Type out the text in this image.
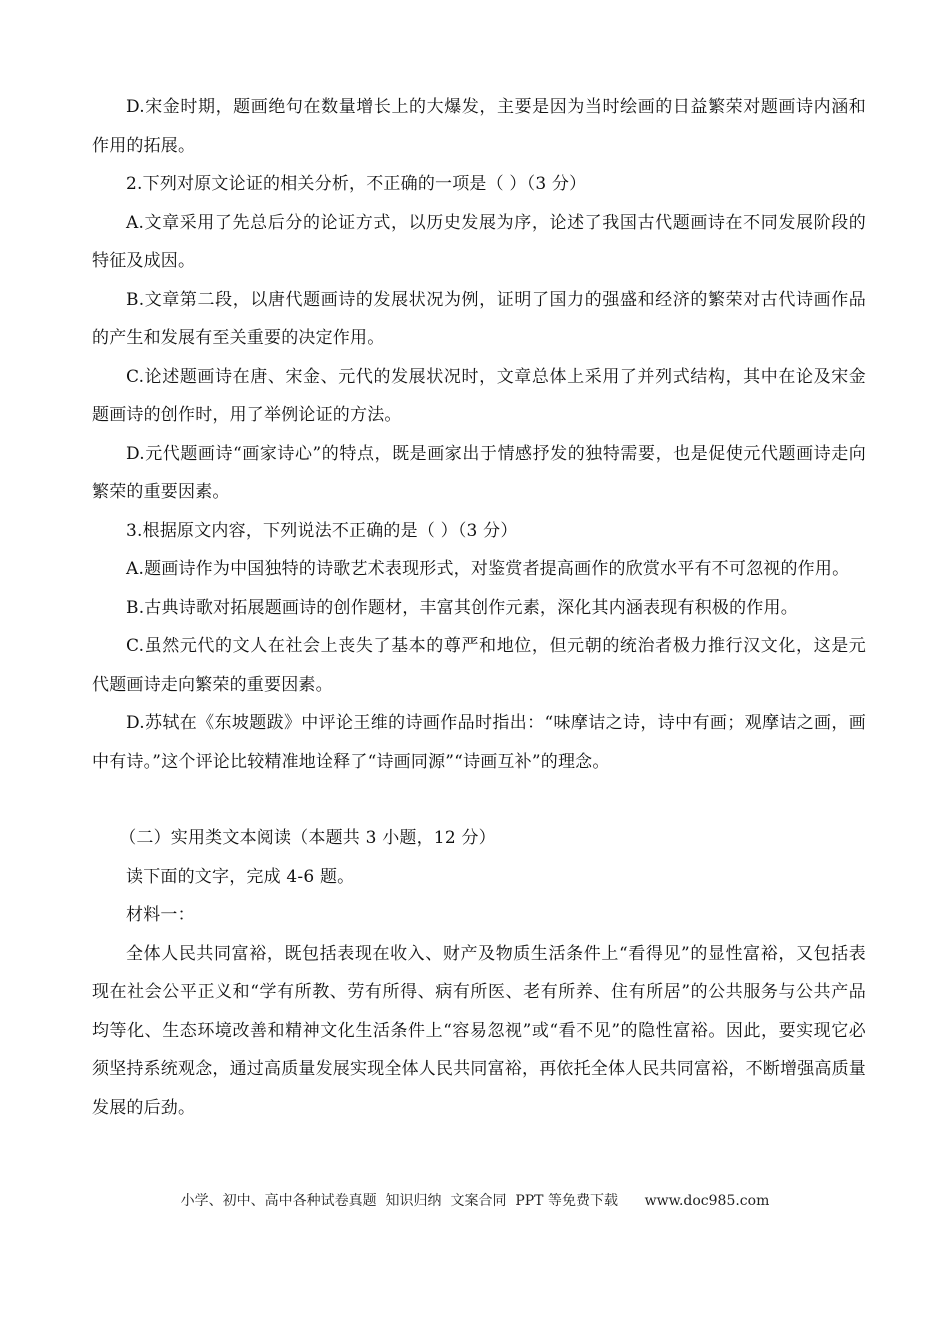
D.宋金时期，题画绝句在数量增长上的大爆发，主要是因为当时绘画的日益繁荣对题画诗内涵和作用的拓展。

2.下列对原文论证的相关分析，不正确的一项是（ ）（3 分）

A.文章采用了先总后分的论证方式，以历史发展为序，论述了我国古代题画诗在不同发展阶段的特征及成因。

B.文章第二段，以唐代题画诗的发展状况为例，证明了国力的强盛和经济的繁荣对古代诗画作品的产生和发展有至关重要的决定作用。

C.论述题画诗在唐、宋金、元代的发展状况时，文章总体上采用了并列式结构，其中在论及宋金题画诗的创作时，用了举例论证的方法。

D.元代题画诗“画家诗心”的特点，既是画家出于情感抒发的独特需要，也是促使元代题画诗走向繁荣的重要因素。

3.根据原文内容，下列说法不正确的是（ ）（3 分）

A.题画诗作为中国独特的诗歌艺术表现形式，对鉴赏者提高画作的欣赏水平有不可忽视的作用。

B.古典诗歌对拓展题画诗的创作题材，丰富其创作元素，深化其内涵表现有积极的作用。

C.虽然元代的文人在社会上丧失了基本的尊严和地位，但元朝的统治者极力推行汉文化，这是元代题画诗走向繁荣的重要因素。

D.苏轼在《东坡题跋》中评论王维的诗画作品时指出：“味摩诘之诗，诗中有画；观摩诘之画，画中有诗。”这个评论比较精准地诠释了“诗画同源”“诗画互补”的理念。

（二）实用类文本阅读（本题共 3 小题，12 分）

读下面的文字，完成 4-6 题。

材料一：

全体人民共同富裕，既包括表现在收入、财产及物质生活条件上“看得见”的显性富裕，又包括表现在社会公平正义和“学有所教、劳有所得、病有所医、老有所养、住有所居”的公共服务与公共产品均等化、生态环境改善和精神文化生活条件上“容易忽视”或“看不见”的隐性富裕。因此，要实现它必须坚持系统观念，通过高质量发展实现全体人民共同富裕，再依托全体人民共同富裕，不断增强高质量发展的后劲。

小学、初中、高中各种试卷真题  知识归纳  文案合同  PPT 等免费下载      www.doc985.com
